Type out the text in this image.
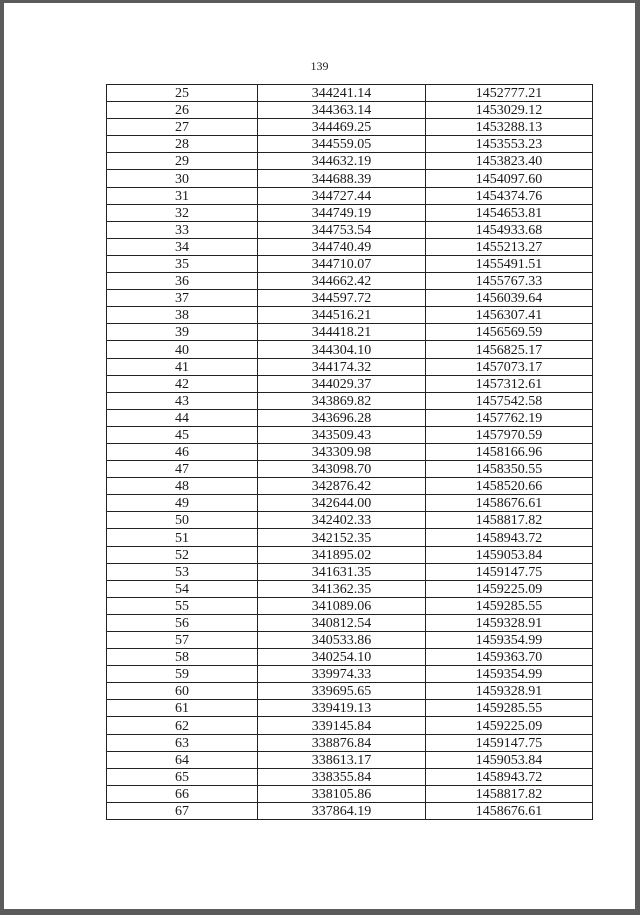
139
25	344241.14	1452777.21
26	344363.14	1453029.12
27	344469.25	1453288.13
28	344559.05	1453553.23
29	344632.19	1453823.40
30	344688.39	1454097.60
31	344727.44	1454374.76
32	344749.19	1454653.81
33	344753.54	1454933.68
34	344740.49	1455213.27
35	344710.07	1455491.51
36	344662.42	1455767.33
37	344597.72	1456039.64
38	344516.21	1456307.41
39	344418.21	1456569.59
40	344304.10	1456825.17
41	344174.32	1457073.17
42	344029.37	1457312.61
43	343869.82	1457542.58
44	343696.28	1457762.19
45	343509.43	1457970.59
46	343309.98	1458166.96
47	343098.70	1458350.55
48	342876.42	1458520.66
49	342644.00	1458676.61
50	342402.33	1458817.82
51	342152.35	1458943.72
52	341895.02	1459053.84
53	341631.35	1459147.75
54	341362.35	1459225.09
55	341089.06	1459285.55
56	340812.54	1459328.91
57	340533.86	1459354.99
58	340254.10	1459363.70
59	339974.33	1459354.99
60	339695.65	1459328.91
61	339419.13	1459285.55
62	339145.84	1459225.09
63	338876.84	1459147.75
64	338613.17	1459053.84
65	338355.84	1458943.72
66	338105.86	1458817.82
67	337864.19	1458676.61
